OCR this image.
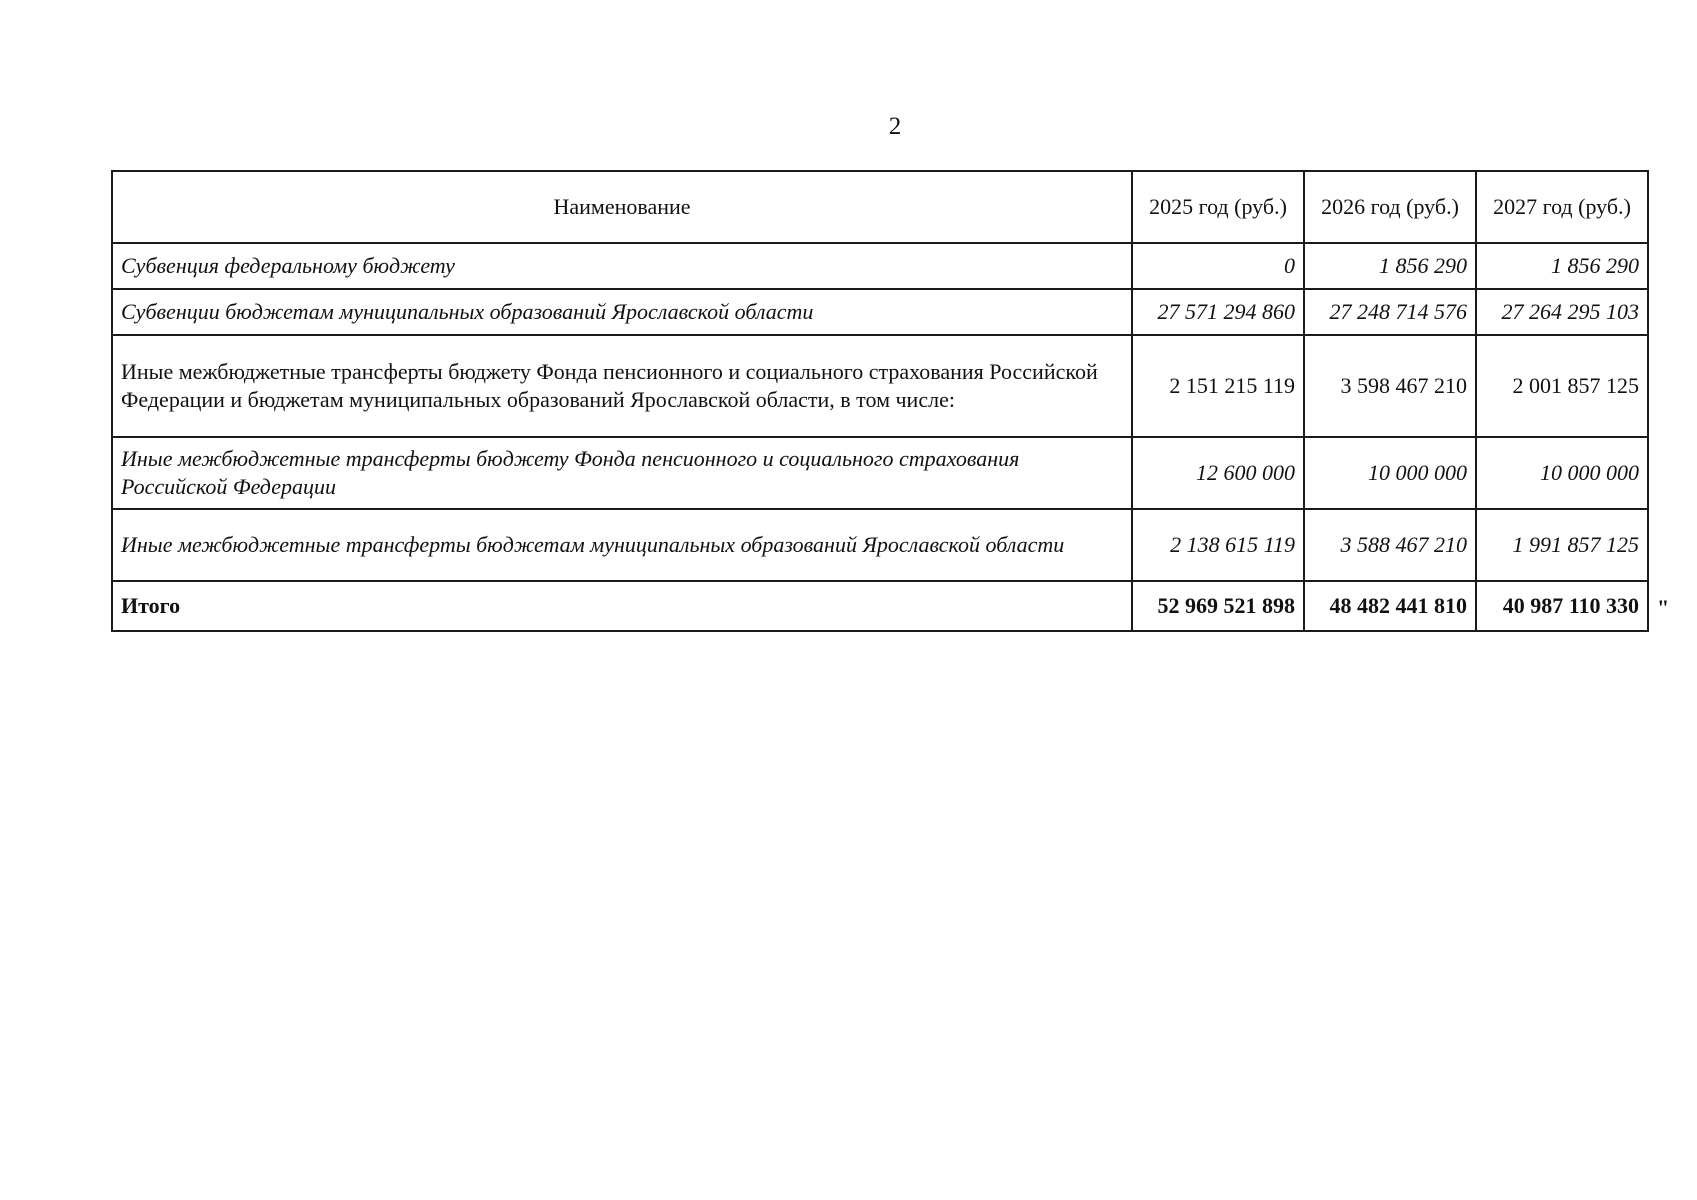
2
Наименование	2025 год (руб.)	2026 год (руб.)	2027 год (руб.)
Субвенция федеральному бюджету	0	1 856 290	1 856 290
Субвенции бюджетам муниципальных образований Ярославской области	27 571 294 860	27 248 714 576	27 264 295 103
Иные межбюджетные трансферты бюджету Фонда пенсионного и социального страхования Российской Федерации и бюджетам муниципальных образований Ярославской области, в том числе:	2 151 215 119	3 598 467 210	2 001 857 125
Иные межбюджетные трансферты бюджету Фонда пенсионного и социального страхования Российской Федерации	12 600 000	10 000 000	10 000 000
Иные межбюджетные трансферты бюджетам муниципальных образований Ярославской области	2 138 615 119	3 588 467 210	1 991 857 125
Итого	52 969 521 898	48 482 441 810	40 987 110 330 "
